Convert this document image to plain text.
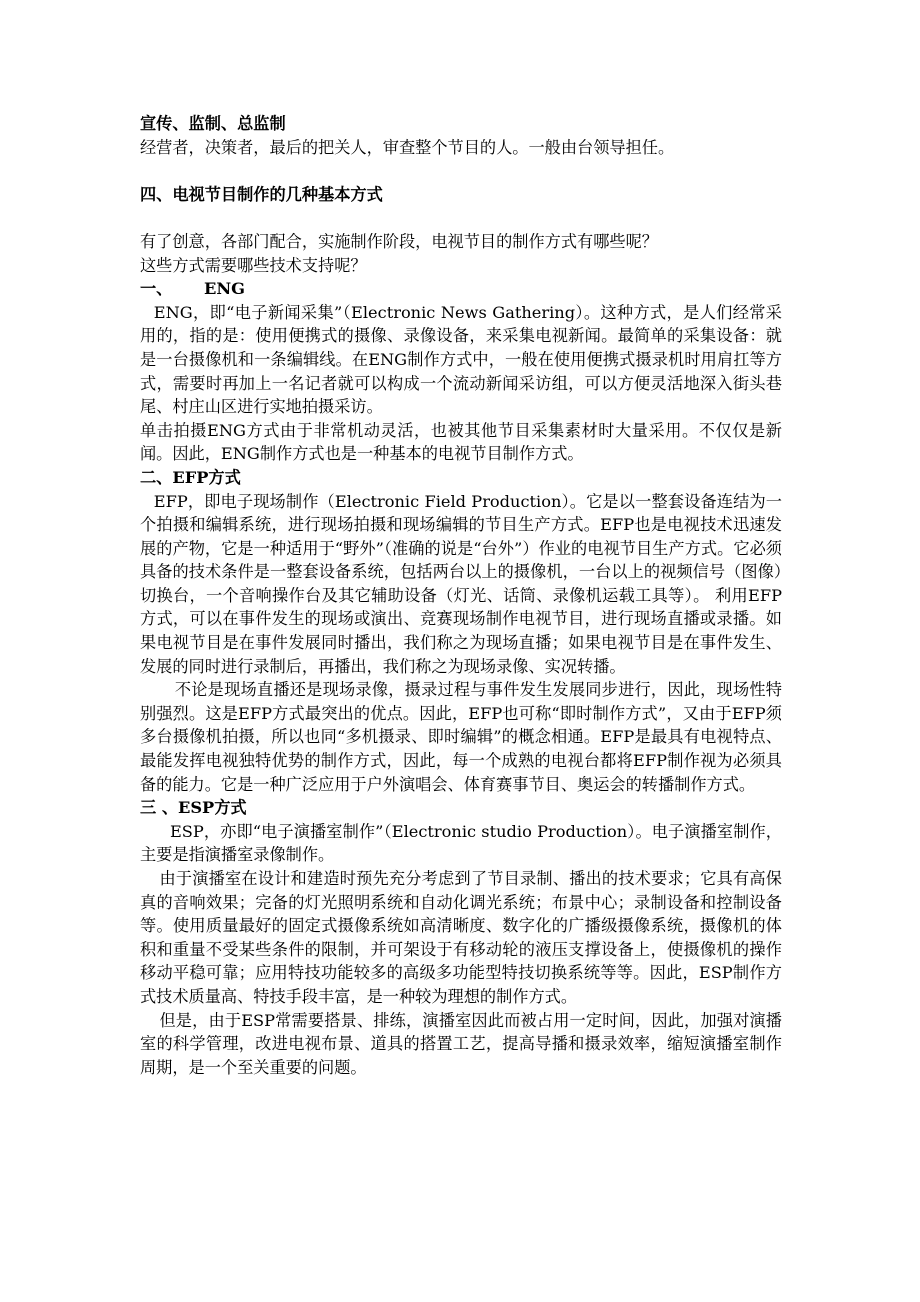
宣传、监制、总监制

经营者，决策者，最后的把关人，审查整个节目的人。一般由台领导担任。

四、电视节目制作的几种基本方式

有了创意，各部门配合，实施制作阶段，电视节目的制作方式有哪些呢？

这些方式需要哪些技术支持呢？

一、 ENG

ENG，即“电子新闻采集”（Electronic News Gathering）。这种方式，是人们经常采用的，指的是：使用便携式的摄像、录像设备，来采集电视新闻。最简单的采集设备：就是一台摄像机和一条编辑线。在ENG制作方式中，一般在使用便携式摄录机时用肩扛等方式，需要时再加上一名记者就可以构成一个流动新闻采访组，可以方便灵活地深入街头巷尾、村庄山区进行实地拍摄采访。

单击拍摄ENG方式由于非常机动灵活，也被其他节目采集素材时大量采用。不仅仅是新闻。因此，ENG制作方式也是一种基本的电视节目制作方式。

二、EFP方式

EFP，即电子现场制作（Electronic Field Production）。它是以一整套设备连结为一个拍摄和编辑系统，进行现场拍摄和现场编辑的节目生产方式。EFP也是电视技术迅速发展的产物，它是一种适用于“野外”（准确的说是“台外”）作业的电视节目生产方式。它必须具备的技术条件是一整套设备系统，包括两台以上的摄像机，一台以上的视频信号（图像）切换台，一个音响操作台及其它辅助设备（灯光、话筒、录像机运载工具等）。 利用EFP方式，可以在事件发生的现场或演出、竞赛现场制作电视节目，进行现场直播或录播。如果电视节目是在事件发展同时播出，我们称之为现场直播；如果电视节目是在事件发生、发展的同时进行录制后，再播出，我们称之为现场录像、实况转播。

不论是现场直播还是现场录像，摄录过程与事件发生发展同步进行，因此，现场性特别强烈。这是EFP方式最突出的优点。因此，EFP也可称“即时制作方式”，又由于EFP须多台摄像机拍摄，所以也同“多机摄录、即时编辑”的概念相通。EFP是最具有电视特点、最能发挥电视独特优势的制作方式，因此，每一个成熟的电视台都将EFP制作视为必须具备的能力。它是一种广泛应用于户外演唱会、体育赛事节目、奥运会的转播制作方式。

三 、ESP方式

ESP，亦即“电子演播室制作”（Electronic studio Production）。电子演播室制作，主要是指演播室录像制作。

由于演播室在设计和建造时预先充分考虑到了节目录制、播出的技术要求；它具有高保真的音响效果；完备的灯光照明系统和自动化调光系统；布景中心；录制设备和控制设备等。使用质量最好的固定式摄像系统如高清晰度、数字化的广播级摄像系统，摄像机的体积和重量不受某些条件的限制，并可架设于有移动轮的液压支撑设备上，使摄像机的操作移动平稳可靠；应用特技功能较多的高级多功能型特技切换系统等等。因此，ESP制作方式技术质量高、特技手段丰富，是一种较为理想的制作方式。

但是，由于ESP常需要搭景、排练，演播室因此而被占用一定时间，因此，加强对演播室的科学管理，改进电视布景、道具的搭置工艺，提高导播和摄录效率，缩短演播室制作周期，是一个至关重要的问题。
